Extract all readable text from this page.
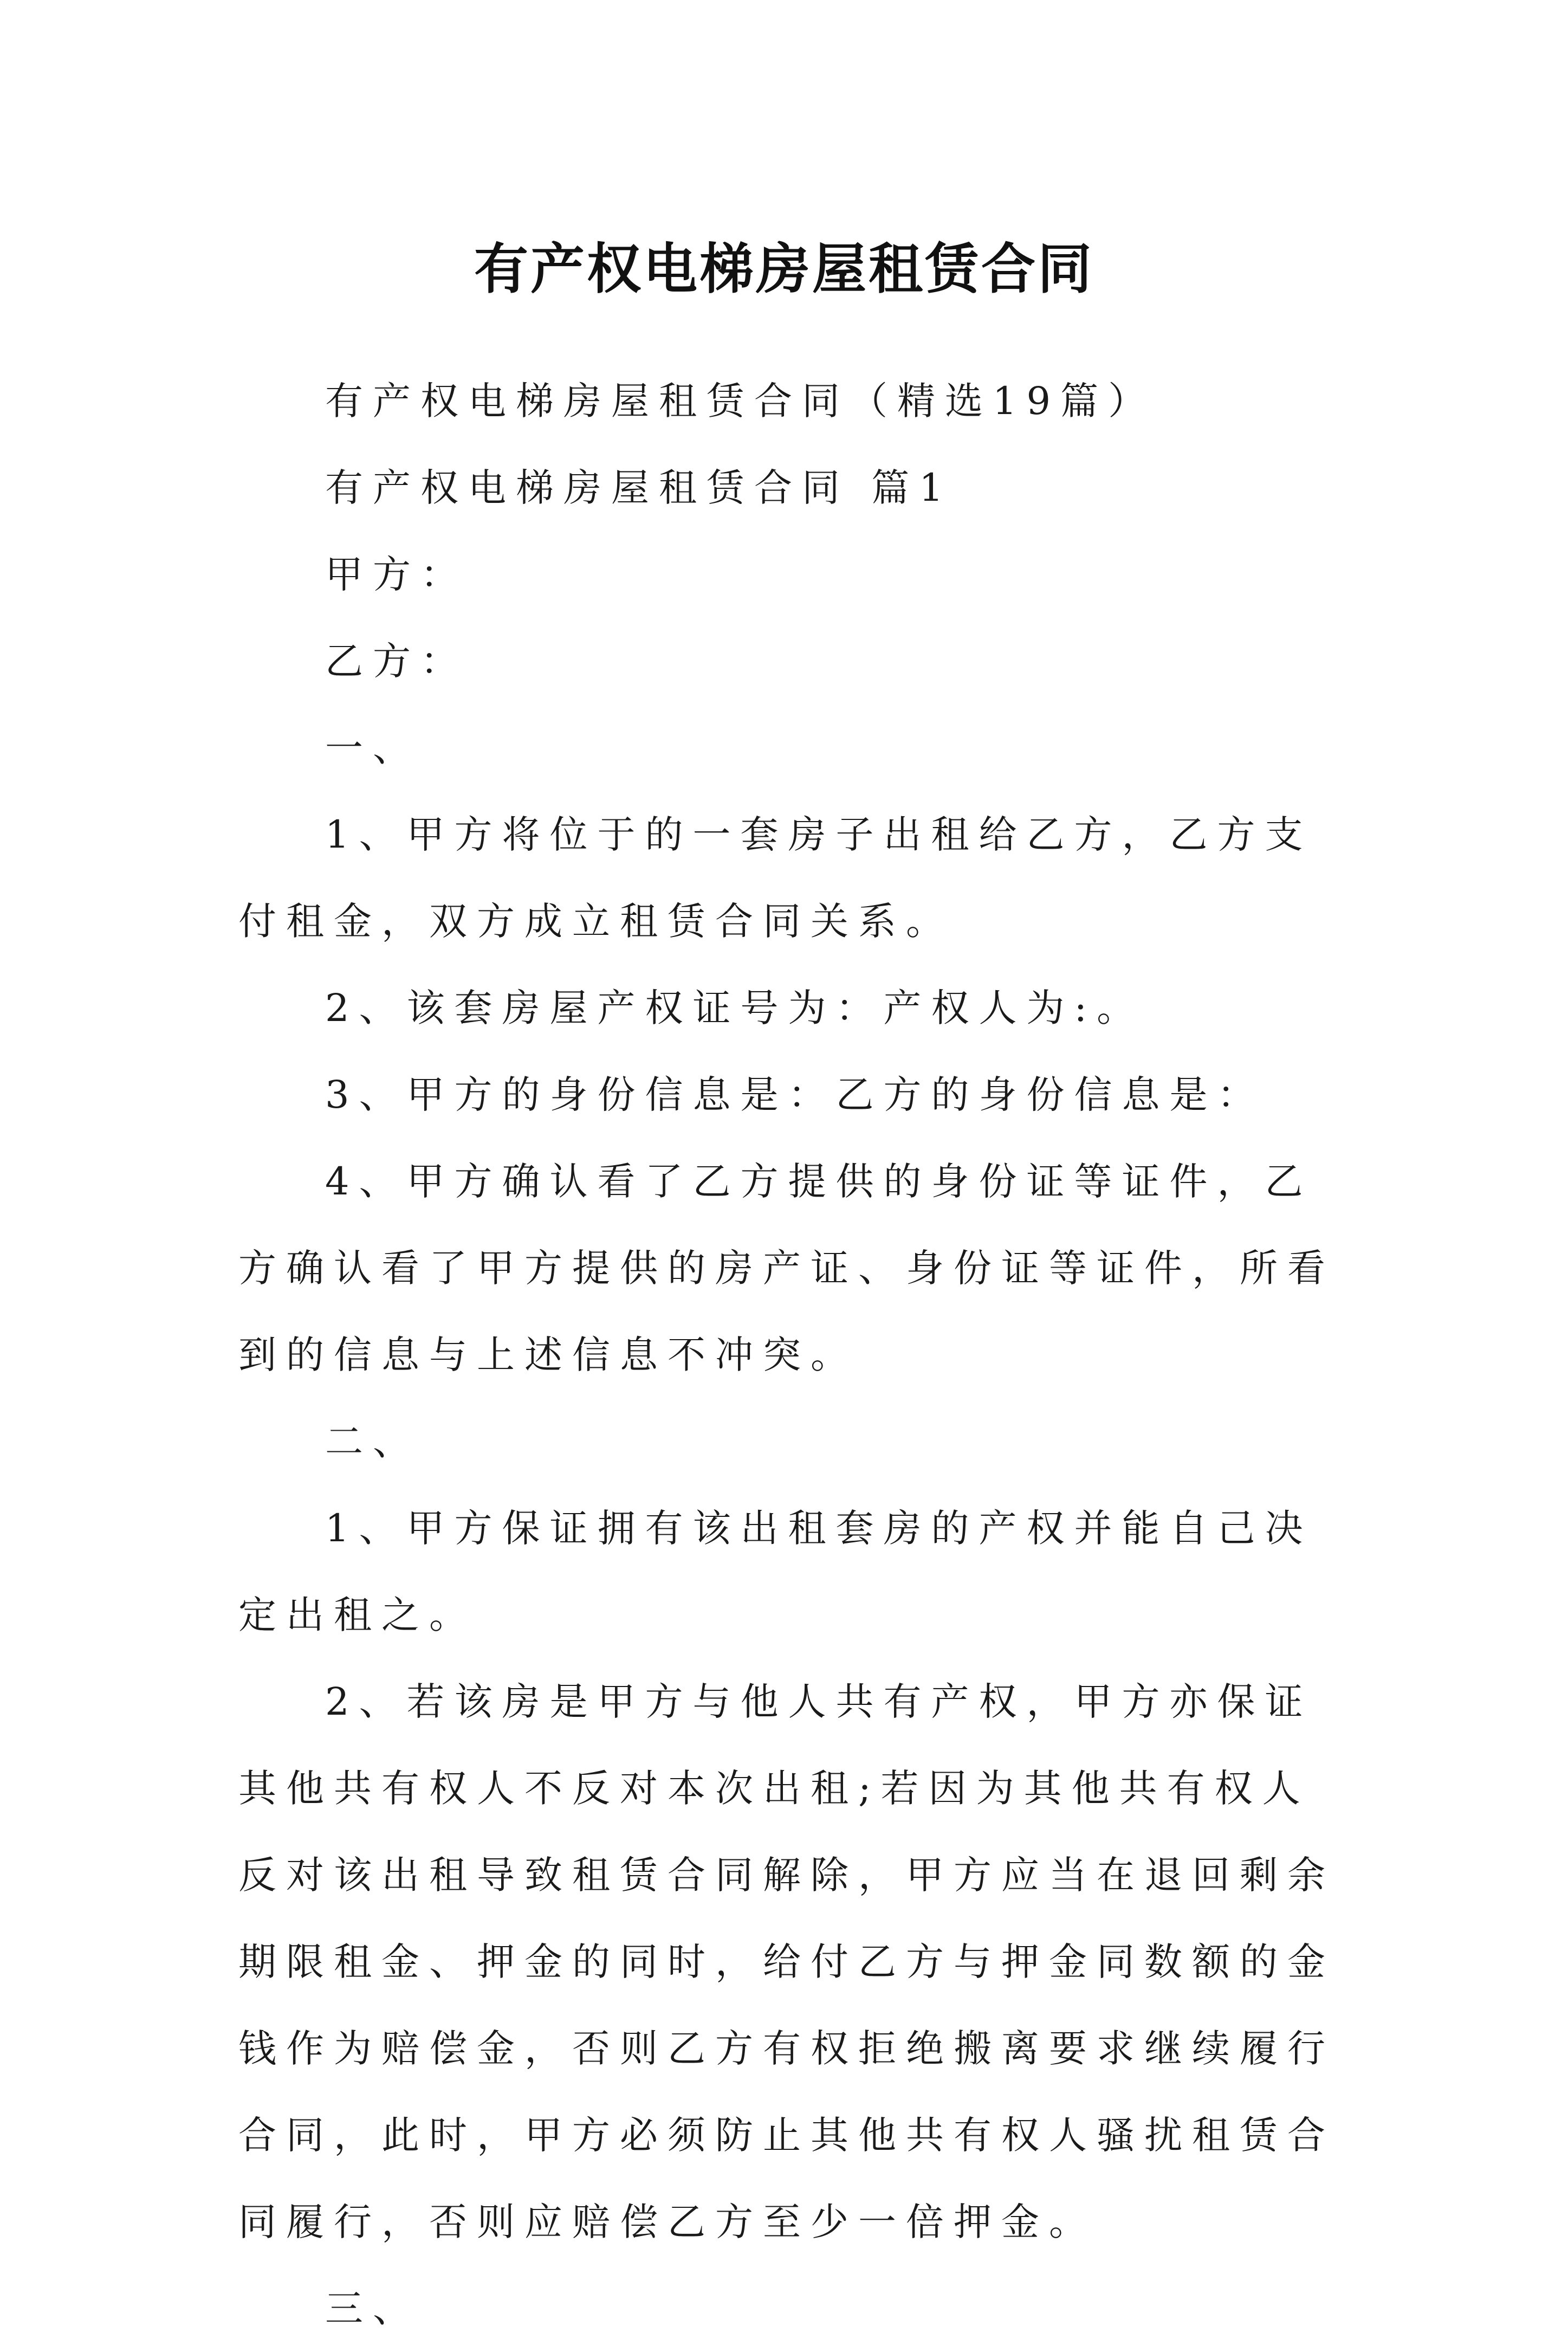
有产权电梯房屋租赁合同

有产权电梯房屋租赁合同（精选19篇）

有产权电梯房屋租赁合同 篇1

甲方：

乙方：

一、

1、甲方将位于的一套房子出租给乙方，乙方支付租金，双方成立租赁合同关系。

2、该套房屋产权证号为：产权人为:。

3、甲方的身份信息是：乙方的身份信息是：

4、甲方确认看了乙方提供的身份证等证件，乙方确认看了甲方提供的房产证、身份证等证件，所看到的信息与上述信息不冲突。

二、

1、甲方保证拥有该出租套房的产权并能自己决定出租之。

2、若该房是甲方与他人共有产权，甲方亦保证其他共有权人不反对本次出租;若因为其他共有权人反对该出租导致租赁合同解除，甲方应当在退回剩余期限租金、押金的同时，给付乙方与押金同数额的金钱作为赔偿金，否则乙方有权拒绝搬离要求继续履行合同，此时，甲方必须防止其他共有权人骚扰租赁合同履行，否则应赔偿乙方至少一倍押金。

三、
